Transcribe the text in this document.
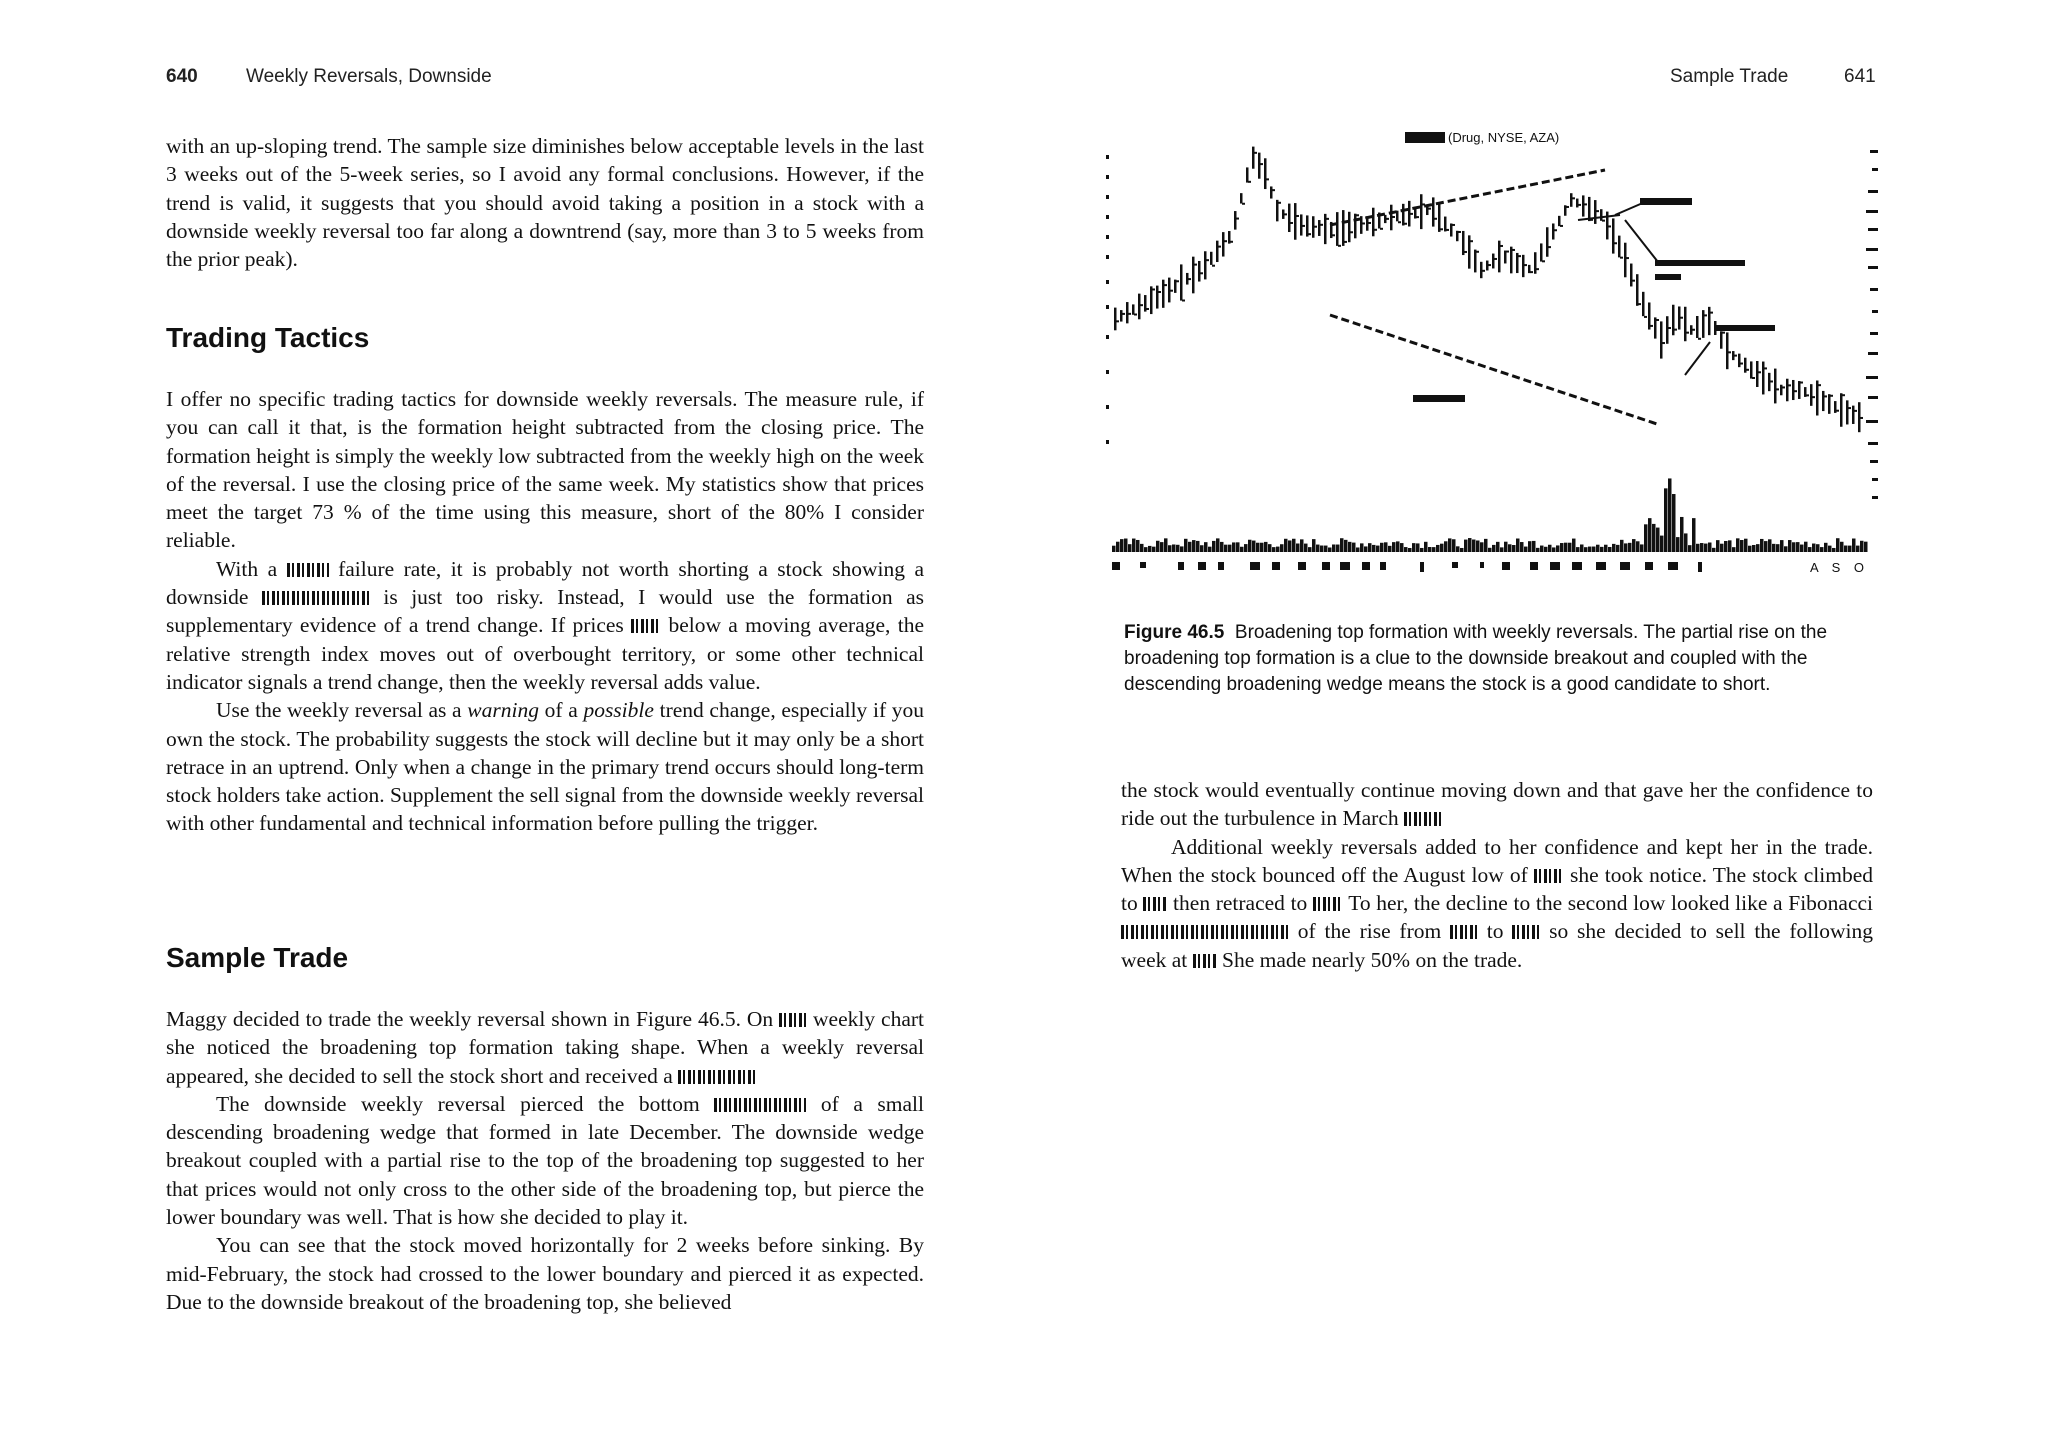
640	Weekly Reversals, Downside

with an up-sloping trend. The sample size diminishes below acceptable levels in the last 3 weeks out of the 5-week series, so I avoid any formal conclusions. However, if the trend is valid, it suggests that you should avoid taking a position in a stock with a downside weekly reversal too far along a downtrend (say, more than 3 to 5 weeks from the prior peak).

Trading Tactics

I offer no specific trading tactics for downside weekly reversals. The measure rule, if you can call it that, is the formation height subtracted from the closing price. The formation height is simply the weekly low subtracted from the weekly high on the week of the reversal. I use the closing price of the same week. My statistics show that prices meet the target 73 % of the time using this measure, short of the 80% I consider reliable.

With a	failure rate, it is probably not worth shorting a stock showing a downside	is just too risky. Instead, I would use the formation as supplementary evidence of a trend change. If prices below a moving average, the relative strength index moves out of overbought territory, or some other technical indicator signals a trend change, then the weekly reversal adds value.

Use the weekly reversal as a warning of a possible trend change, especially if you own the stock. The probability suggests the stock will decline but it may only be a short retrace in an uptrend. Only when a change in the primary trend occurs should long-term stock holders take action. Supplement the sell signal from the downside weekly reversal with other fundamental and technical information before pulling the trigger.

Sample Trade

Maggy decided to trade the weekly reversal shown in Figure 46.5. On weekly chart she noticed the broadening top formation taking shape. When a weekly reversal appeared, she decided to sell the stock short and received a

The downside weekly reversal pierced the bottom	of a small descending broadening wedge that formed in late December. The downside wedge breakout coupled with a partial rise to the top of the broadening top suggested to her that prices would not only cross to the other side of the broadening top, but pierce the lower boundary was well. That is how she decided to play it.

You can see that the stock moved horizontally for 2 weeks before sinking. By mid-February, the stock had crossed to the lower boundary and pierced it as expected. Due to the downside breakout of the broadening top, she believed

Sample Trade	641
(Drug, NYSE, AZA)
A S O
Figure 46.5 Broadening top formation with weekly reversals. The partial rise on the broadening top formation is a clue to the downside breakout and coupled with the descending broadening wedge means the stock is a good candidate to short.

the stock would eventually continue moving down and that gave her the confidence to ride out the turbulence in March

Additional weekly reversals added to her confidence and kept her in the trade. When the stock bounced off the August low of she took notice. The stock climbed to then retraced to To her, the decline to the second low looked like a Fibonacci  of the rise from to so she decided to sell the following week at She made nearly 50% on the trade.
